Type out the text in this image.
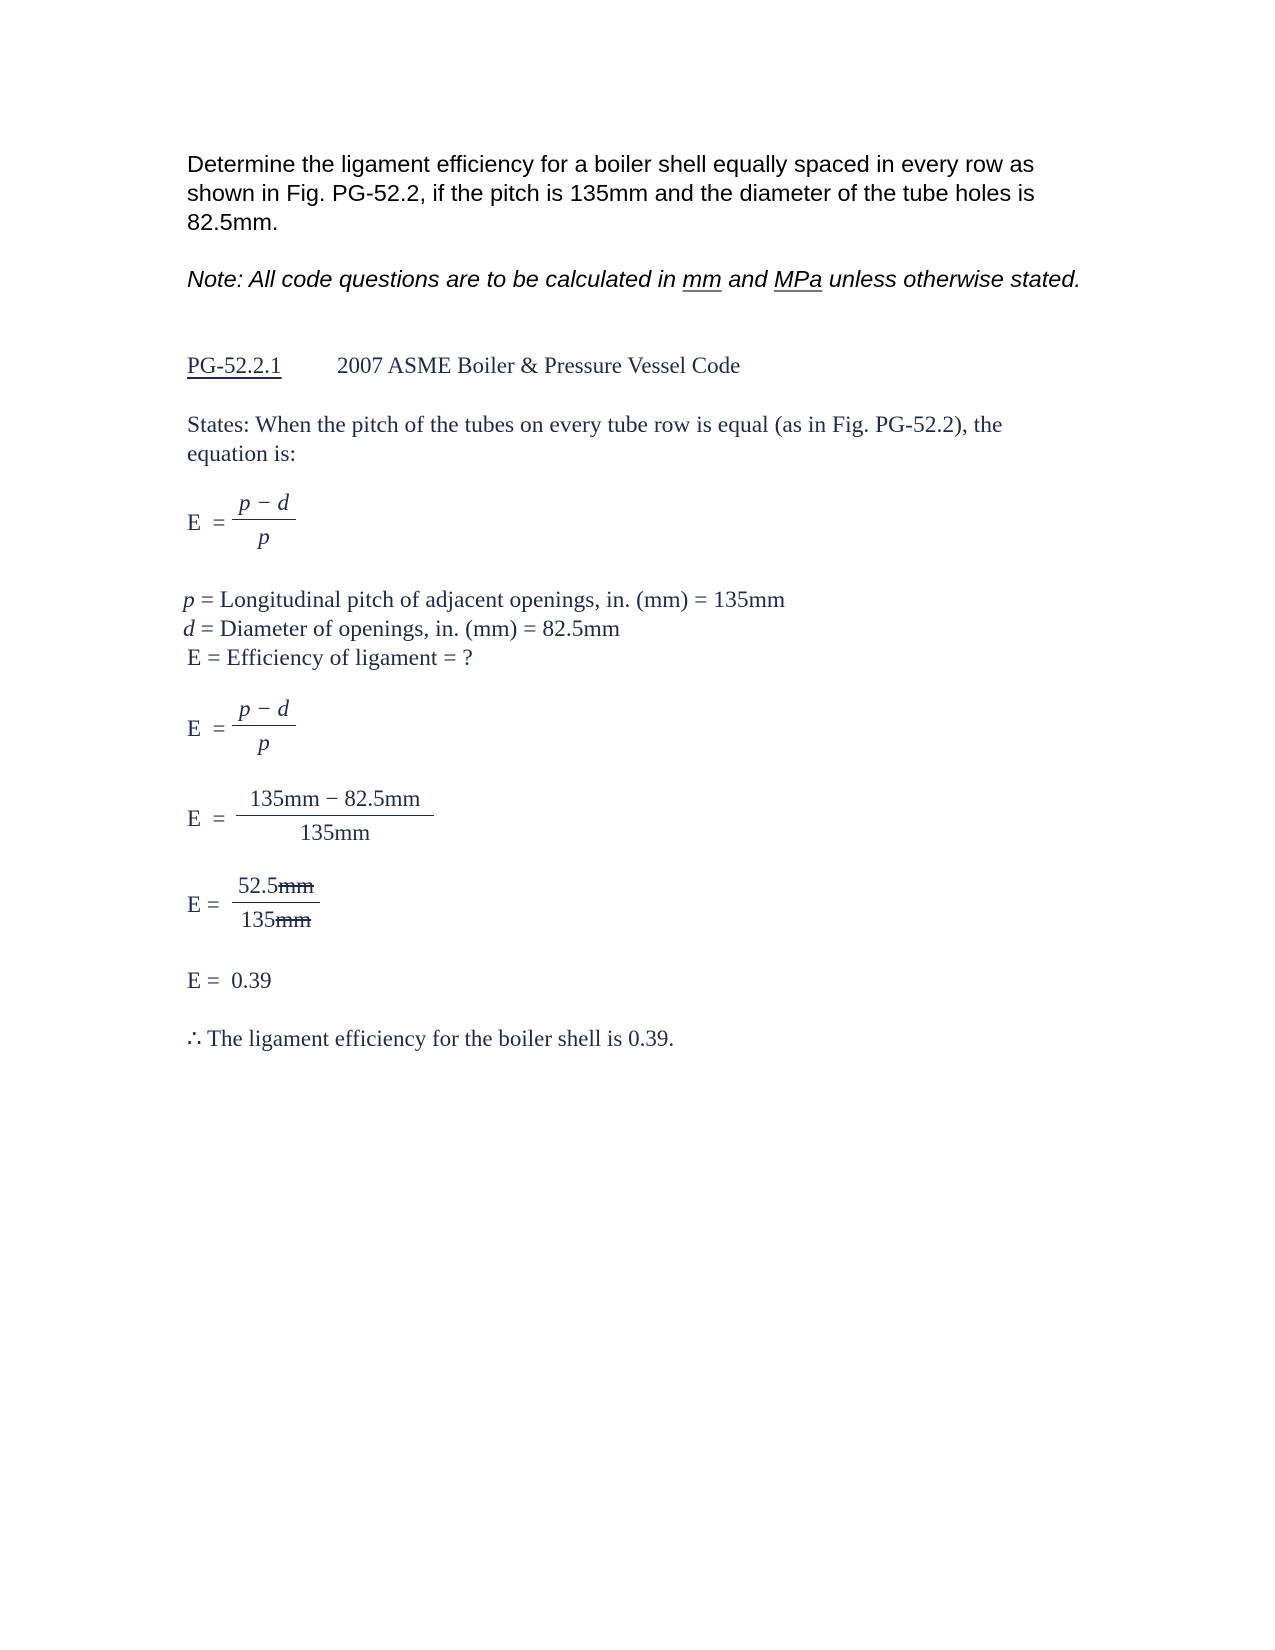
Determine the ligament efficiency for a boiler shell equally spaced in every row as shown in Fig. PG-52.2, if the pitch is 135mm and the diameter of the tube holes is 82.5mm.
Note: All code questions are to be calculated in mm and MPa unless otherwise stated.
PG-52.2.1 2007 ASME Boiler & Pressure Vessel Code
States: When the pitch of the tubes on every tube row is equal (as in Fig. PG-52.2), the equation is:
E  =
p − d
p
p = Longitudinal pitch of adjacent openings, in. (mm) = 135mm
d = Diameter of openings, in. (mm) = 82.5mm
E = Efficiency of ligament = ?
E  =
p − d
p
E  =
135mm − 82.5mm
135mm
E =
52.5mm
135mm
E =  0.39
∴ The ligament efficiency for the boiler shell is 0.39.
